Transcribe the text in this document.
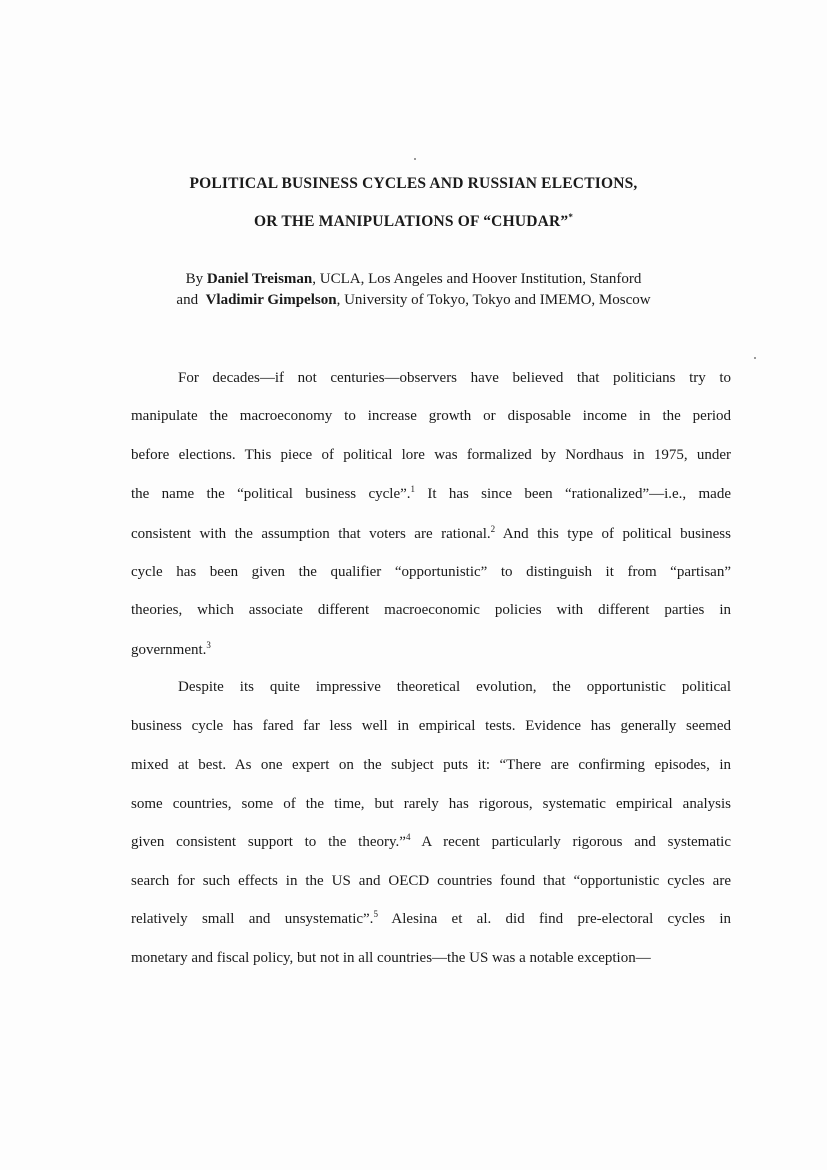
POLITICAL BUSINESS CYCLES AND RUSSIAN ELECTIONS,
OR THE MANIPULATIONS OF “CHUDAR”*
By Daniel Treisman, UCLA, Los Angeles and Hoover Institution, Stanford
and  Vladimir Gimpelson, University of Tokyo, Tokyo and IMEMO, Moscow
For decades—if not centuries—observers have believed that politicians try to
manipulate the macroeconomy to increase growth or disposable income in the period
before elections. This piece of political lore was formalized by Nordhaus in 1975, under
the name the “political business cycle”.$^1$ It has since been “rationalized”—i.e., made
consistent with the assumption that voters are rational.$^2$ And this type of political business
cycle has been given the qualifier “opportunistic” to distinguish it from “partisan”
theories, which associate different macroeconomic policies with different parties in
government.$^3$
Despite its quite impressive theoretical evolution, the opportunistic political
business cycle has fared far less well in empirical tests. Evidence has generally seemed
mixed at best. As one expert on the subject puts it: “There are confirming episodes, in
some countries, some of the time, but rarely has rigorous, systematic empirical analysis
given consistent support to the theory.”$^4$ A recent particularly rigorous and systematic
search for such effects in the US and OECD countries found that “opportunistic cycles are
relatively small and unsystematic”.$^5$ Alesina et al. did find pre-electoral cycles in
monetary and fiscal policy, but not in all countries—the US was a notable exception—
